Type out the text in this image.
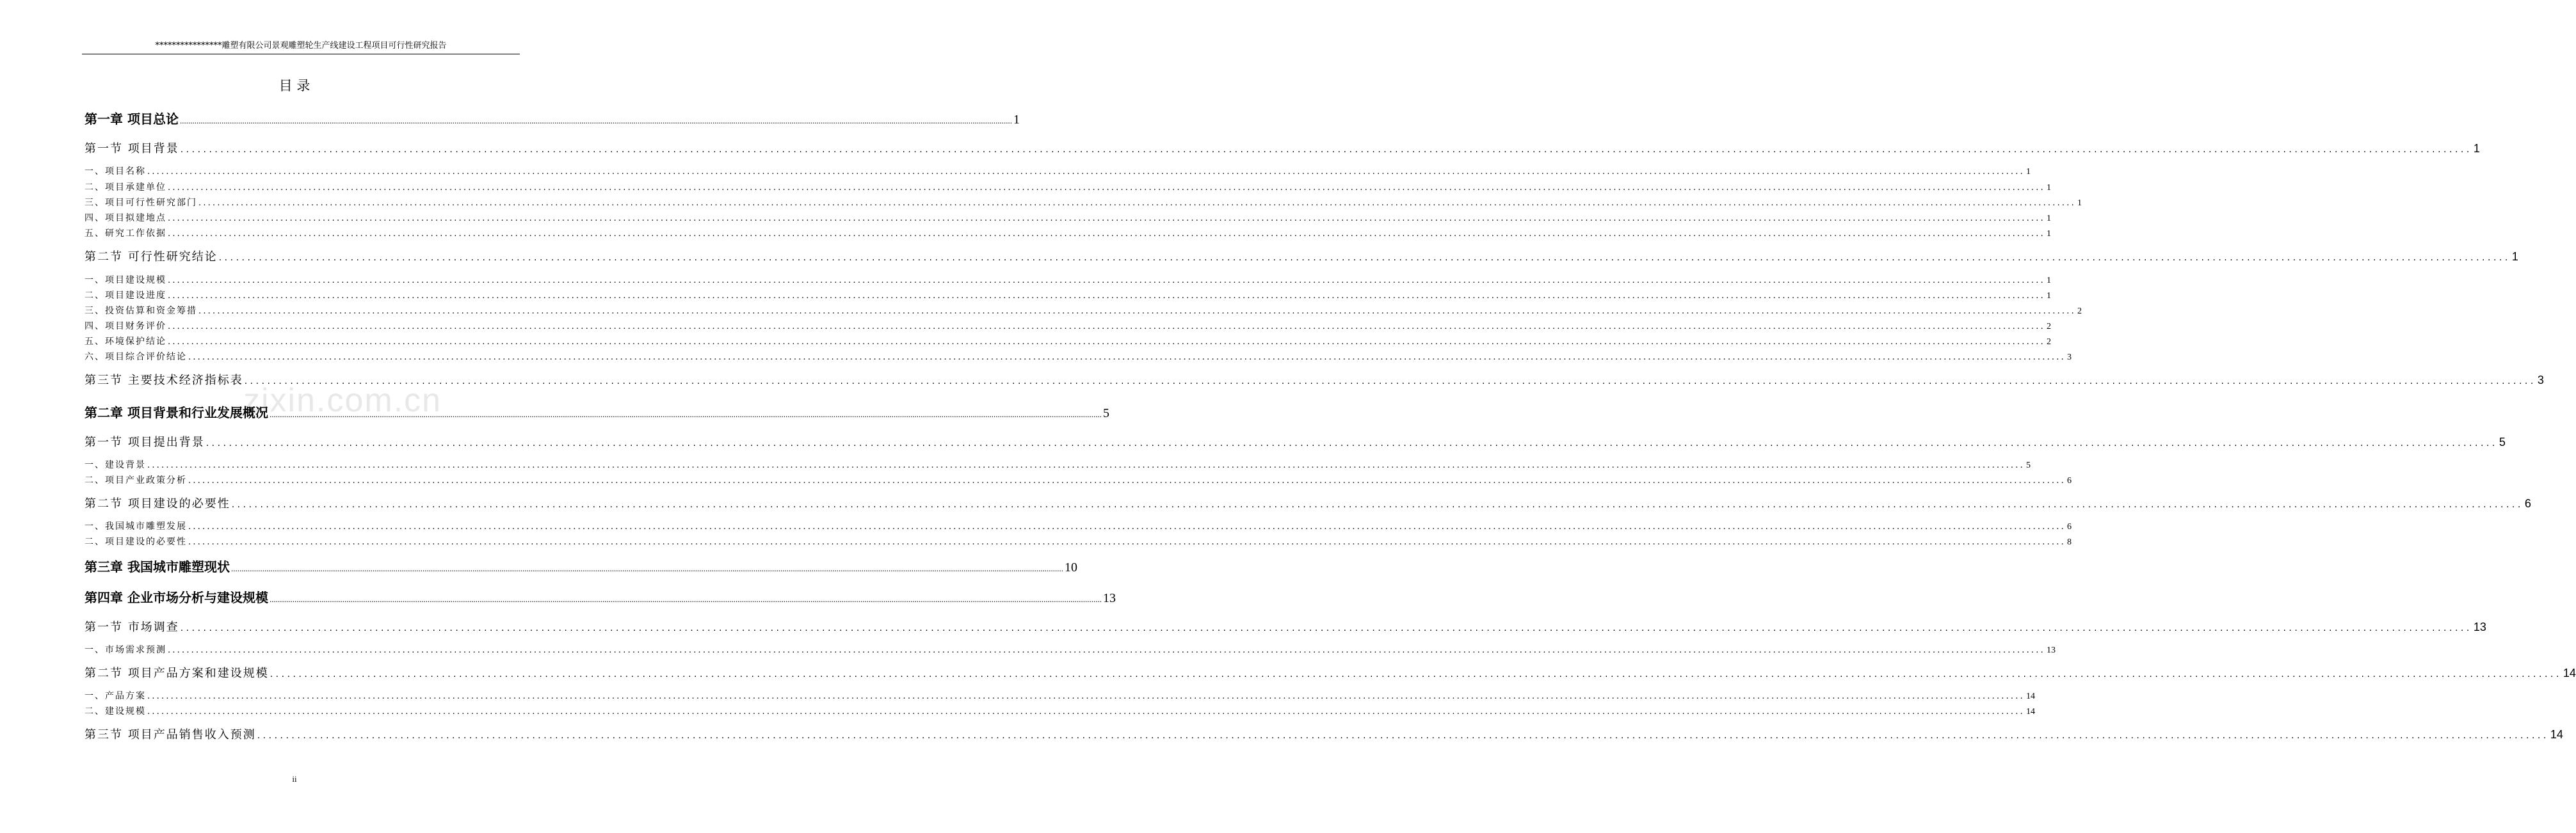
****************雕塑有限公司景观雕塑轮生产线建设工程项目可行性研究报告
zixin.com.cn
目 录
第一章 项目总论 ................................................................................................................................................................................................................................................................................................................................................................................................................ 1
第一节 项目背景 ................................................................................................................................................................................................................................................................................................................................................................................................................ 1
一、项目名称 ................................................................................................................................................................................................................................................................................................................................................................................................................ 1
二、项目承建单位 ................................................................................................................................................................................................................................................................................................................................................................................................................ 1
三、项目可行性研究部门 ................................................................................................................................................................................................................................................................................................................................................................................................................ 1
四、项目拟建地点 ................................................................................................................................................................................................................................................................................................................................................................................................................ 1
五、研究工作依据 ................................................................................................................................................................................................................................................................................................................................................................................................................ 1
第二节 可行性研究结论 ................................................................................................................................................................................................................................................................................................................................................................................................................ 1
一、项目建设规模 ................................................................................................................................................................................................................................................................................................................................................................................................................ 1
二、项目建设进度 ................................................................................................................................................................................................................................................................................................................................................................................................................ 1
三、投资估算和资金筹措 ................................................................................................................................................................................................................................................................................................................................................................................................................ 2
四、项目财务评价 ................................................................................................................................................................................................................................................................................................................................................................................................................ 2
五、环境保护结论 ................................................................................................................................................................................................................................................................................................................................................................................................................ 2
六、项目综合评价结论 ................................................................................................................................................................................................................................................................................................................................................................................................................ 3
第三节 主要技术经济指标表 ................................................................................................................................................................................................................................................................................................................................................................................................................ 3
第二章 项目背景和行业发展概况 ................................................................................................................................................................................................................................................................................................................................................................................................................ 5
第一节 项目提出背景 ................................................................................................................................................................................................................................................................................................................................................................................................................ 5
一、建设背景 ................................................................................................................................................................................................................................................................................................................................................................................................................ 5
二、项目产业政策分析 ................................................................................................................................................................................................................................................................................................................................................................................................................ 6
第二节 项目建设的必要性 ................................................................................................................................................................................................................................................................................................................................................................................................................ 6
一、我国城市雕塑发展 ................................................................................................................................................................................................................................................................................................................................................................................................................ 6
二、项目建设的必要性 ................................................................................................................................................................................................................................................................................................................................................................................................................ 8
第三章 我国城市雕塑现状 ................................................................................................................................................................................................................................................................................................................................................................................................................ 10
第四章 企业市场分析与建设规模 ................................................................................................................................................................................................................................................................................................................................................................................................................ 13
第一节 市场调查 ................................................................................................................................................................................................................................................................................................................................................................................................................ 13
一、市场需求预测 ................................................................................................................................................................................................................................................................................................................................................................................................................ 13
第二节 项目产品方案和建设规模 ................................................................................................................................................................................................................................................................................................................................................................................................................ 14
一、产品方案 ................................................................................................................................................................................................................................................................................................................................................................................................................ 14
二、建设规模 ................................................................................................................................................................................................................................................................................................................................................................................................................ 14
第三节 项目产品销售收入预测 ................................................................................................................................................................................................................................................................................................................................................................................................................ 14
ii
